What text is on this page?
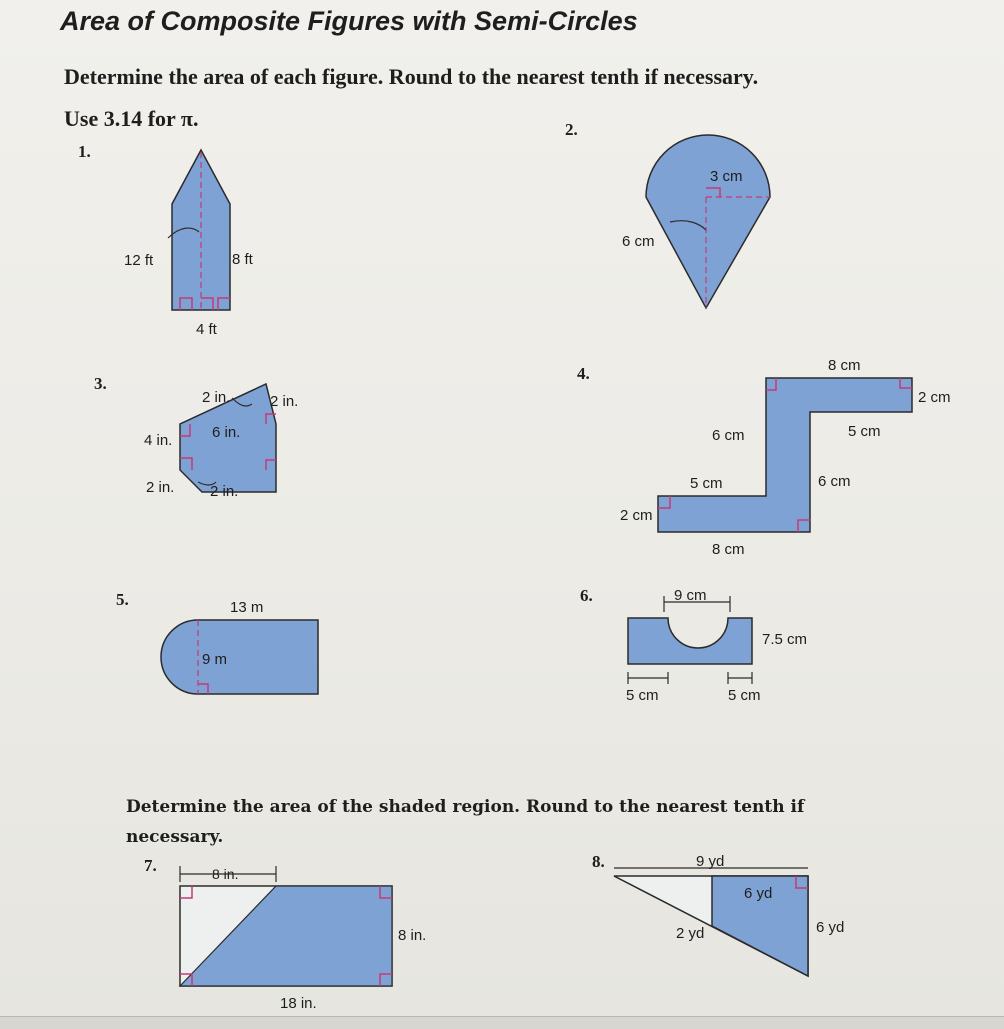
Area of Composite Figures with Semi-Circles
Determine the area of each figure. Round to the nearest tenth if necessary. Use 3.14 for π.
1.
2.
3.
4.
5.	6.
7.	8.
Determine the area of the shaded region. Round to the nearest tenth if necessary.
12 ft	8 ft
4 ft
3 cm
6 cm
2 in.	2 in.
6 in.
4 in.
2 in. 2 in.
8 cm
2 cm
6 cm	5 cm
5 cm	6 cm
2 cm
8 cm
13 m
9 m
9 cm
7.5 cm
5 cm	5 cm
8 in.
8 in.
18 in.
9 yd
6 yd
2 yd	6 yd
